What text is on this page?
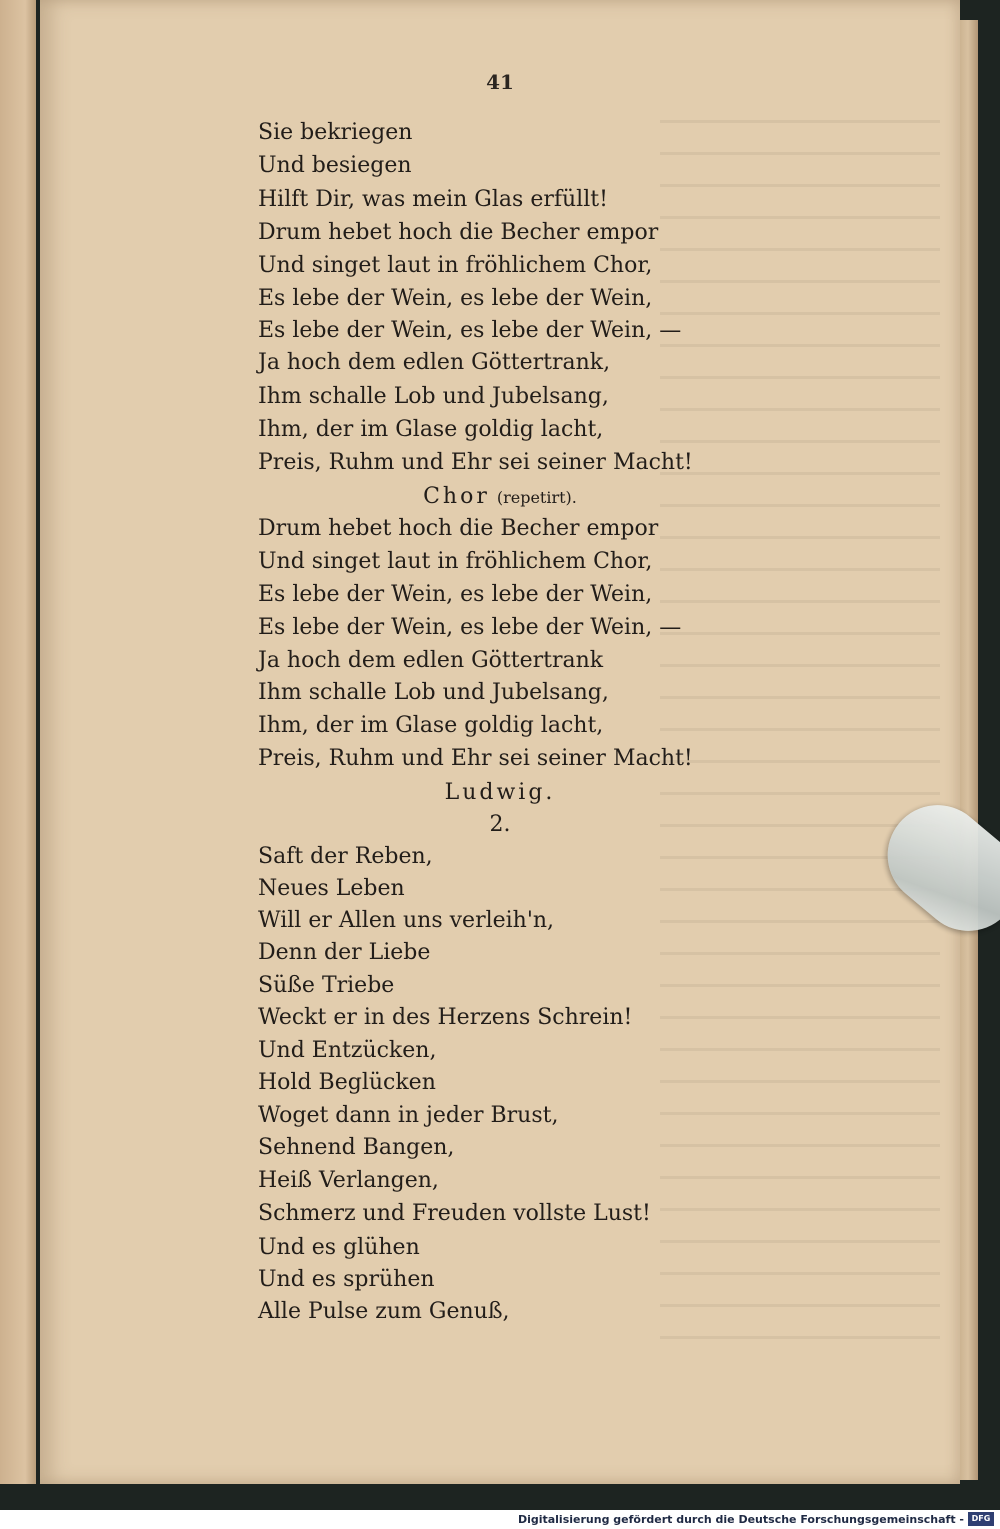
41
Sie bekriegen
Und besiegen
Hilft Dir, was mein Glas erfüllt!
Drum hebet hoch die Becher empor
Und singet laut in fröhlichem Chor,
Es lebe der Wein, es lebe der Wein,
Es lebe der Wein, es lebe der Wein, —
Ja hoch dem edlen Göttertrank,
Ihm schalle Lob und Jubelsang,
Ihm, der im Glase goldig lacht,
Preis, Ruhm und Ehr sei seiner Macht!
Chor (repetirt).
Drum hebet hoch die Becher empor
Und singet laut in fröhlichem Chor,
Es lebe der Wein, es lebe der Wein,
Es lebe der Wein, es lebe der Wein, —
Ja hoch dem edlen Göttertrank
Ihm schalle Lob und Jubelsang,
Ihm, der im Glase goldig lacht,
Preis, Ruhm und Ehr sei seiner Macht!
Ludwig.
2.
Saft der Reben,
Neues Leben
Will er Allen uns verleih'n,
Denn der Liebe
Süße Triebe
Weckt er in des Herzens Schrein!
Und Entzücken,
Hold Beglücken
Woget dann in jeder Brust,
Sehnend Bangen,
Heiß Verlangen,
Schmerz und Freuden vollste Lust!
Und es glühen
Und es sprühen
Alle Pulse zum Genuß,
Digitalisierung gefördert durch die Deutsche Forschungsgemeinschaft - DFG
